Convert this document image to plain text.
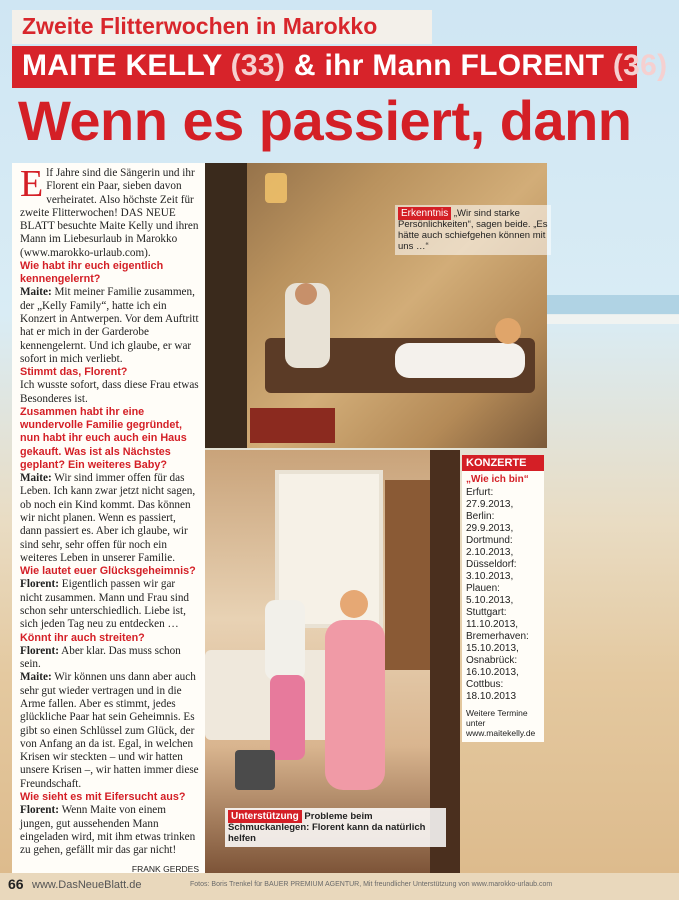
Zweite Flitterwochen in Marokko
MAITE KELLY (33) & ihr Mann FLORENT (36)
Wenn es passiert, dann

Elf Jahre sind die Sängerin und ihr Florent ein Paar, sieben davon verheiratet. Also höchste Zeit für zweite Flitterwochen! DAS NEUE BLATT besuchte Maite Kelly und ihren Mann im Liebesurlaub in Marokko (www.marokko-urlaub.com).

Wie habt ihr euch eigentlich kennengelernt?

Maite: Mit meiner Familie zusammen, der „Kelly Family“, hatte ich ein Konzert in Antwerpen. Vor dem Auftritt hat er mich in der Garderobe kennengelernt. Und ich glaube, er war sofort in mich verliebt.

Stimmt das, Florent?

Ich wusste sofort, dass diese Frau etwas Besonderes ist.

Zusammen habt ihr eine wundervolle Familie gegründet, nun habt ihr euch auch ein Haus gekauft. Was ist als Nächstes geplant? Ein weiteres Baby?

Maite: Wir sind immer offen für das Leben. Ich kann zwar jetzt nicht sagen, ob noch ein Kind kommt. Das können wir nicht planen. Wenn es passiert, dann passiert es. Aber ich glaube, wir sind sehr, sehr offen für noch ein weiteres Leben in unserer Familie.

Wie lautet euer Glücksgeheimnis?

Florent: Eigentlich passen wir gar nicht zusammen. Mann und Frau sind schon sehr unterschiedlich. Liebe ist, sich jeden Tag neu zu entdecken …

Könnt ihr auch streiten?

Florent: Aber klar. Das muss schon sein.

Maite: Wir können uns dann aber auch sehr gut wieder vertragen und in die Arme fallen. Aber es stimmt, jedes glückliche Paar hat sein Geheimnis. Es gibt so einen Schlüssel zum Glück, der von Anfang an da ist. Egal, in welchen Krisen wir steckten – und wir hatten unsere Krisen –, wir hatten immer diese Freundschaft.

Wie sieht es mit Eifersucht aus?

Florent: Wenn Maite von einem jungen, gut aussehenden Mann eingeladen wird, mit ihm etwas trinken zu gehen, gefällt mir das gar nicht!

FRANK GERDES
Erkenntnis „Wir sind starke Persönlichkeiten“, sagen beide. „Es hätte auch schiefgehen können mit uns …“
Unterstützung Probleme beim Schmuckanlegen: Florent kann da natürlich helfen
KONZERTE
„Wie ich bin“
Erfurt:
27.9.2013,
Berlin:
29.9.2013,
Dortmund:
2.10.2013,
Düsseldorf:
3.10.2013,
Plauen:
5.10.2013,
Stuttgart:
11.10.2013,
Bremerhaven:
15.10.2013,
Osnabrück:
16.10.2013,
Cottbus:
18.10.2013
Weitere Termine unter www.maitekelly.de
66 www.DasNeueBlatt.de	Fotos: Boris Trenkel für BAUER PREMIUM AGENTUR, Mit freundlicher Unterstützung von www.marokko-urlaub.com
